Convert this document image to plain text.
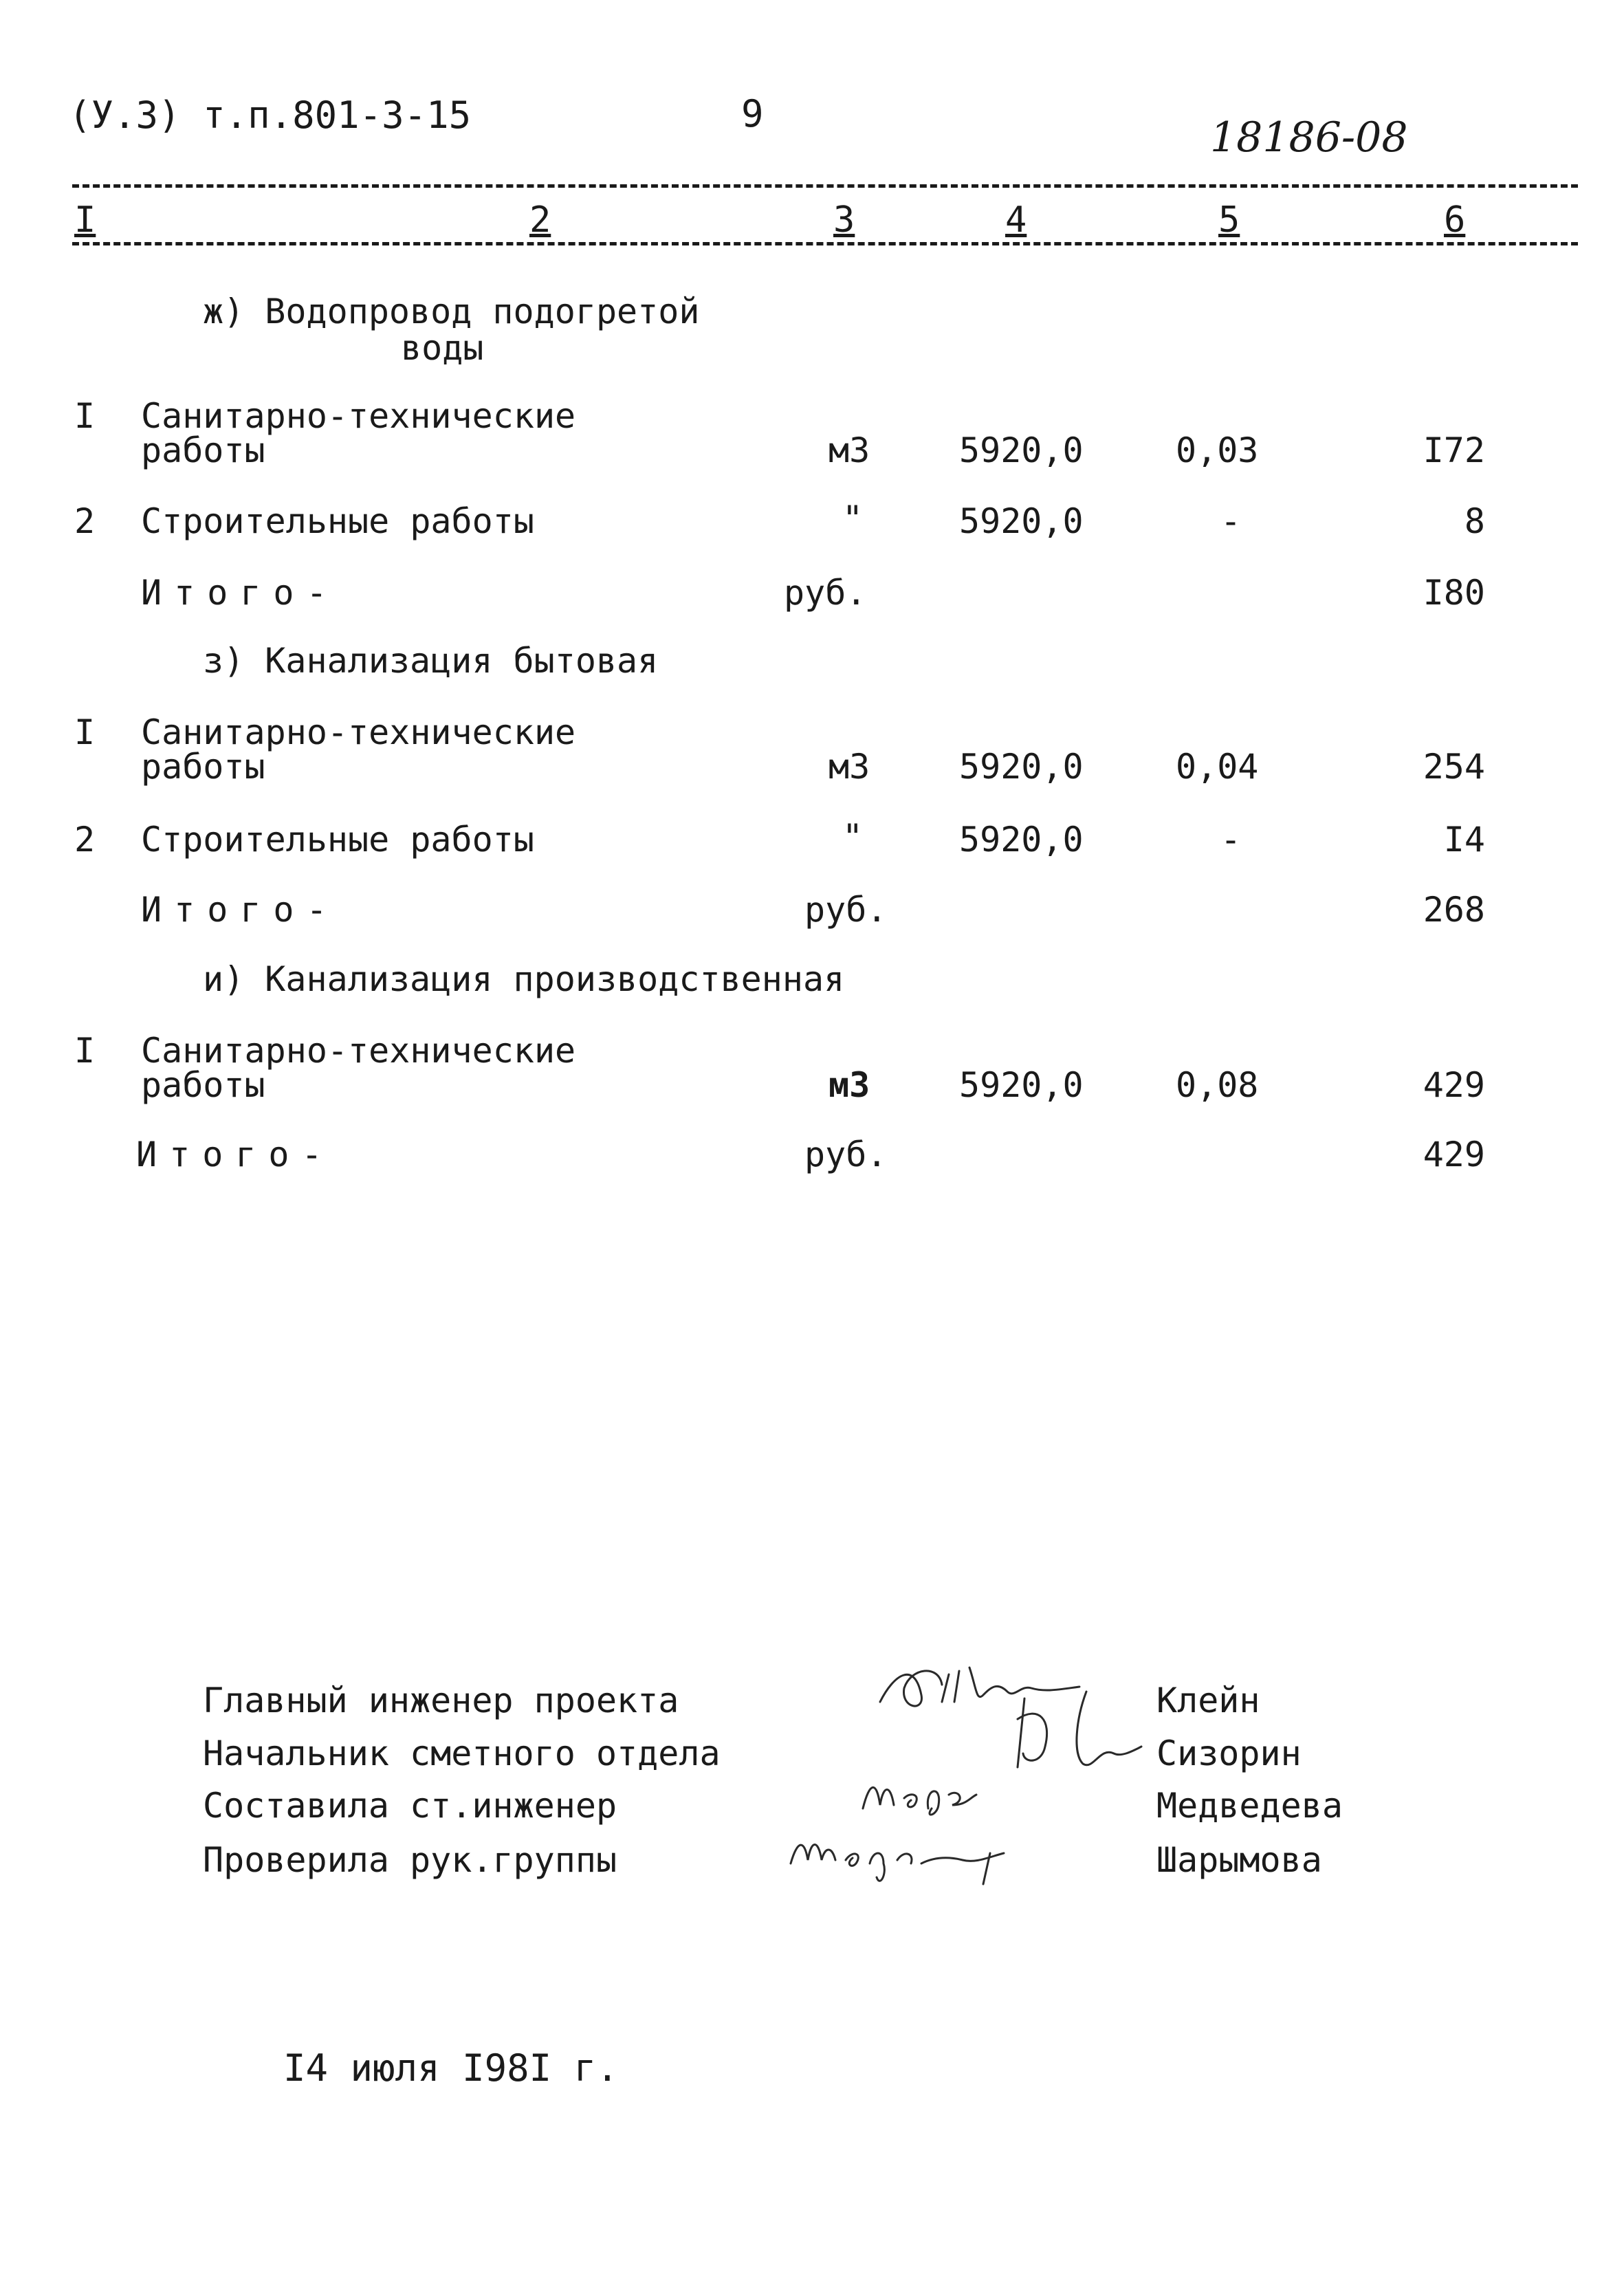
(У.3) т.п.801-3-15	9	18186-08
I	2	3	4	5	6
ж) Водопровод подогретой
воды
I Санитарно-технические
работы	м3	5920,0	0,03	I72
2 Строительные работы	"	5920,0	-	8
Итого-	руб.	I80
з) Канализация бытовая
I Санитарно-технические
работы	м3	5920,0	0,04	254
2 Строительные работы	"	5920,0	-	I4
Итого-	руб.	268
и) Канализация производственная
I Санитарно-технические
работы	м3	5920,0	0,08	429
Итого-	руб.	429
Главный инженер проекта	Клейн
Начальник сметного отдела	Сизорин
Составила ст.инженер	Медведева
Проверила рук.группы	Шарымова
I4 июля I98I г.
